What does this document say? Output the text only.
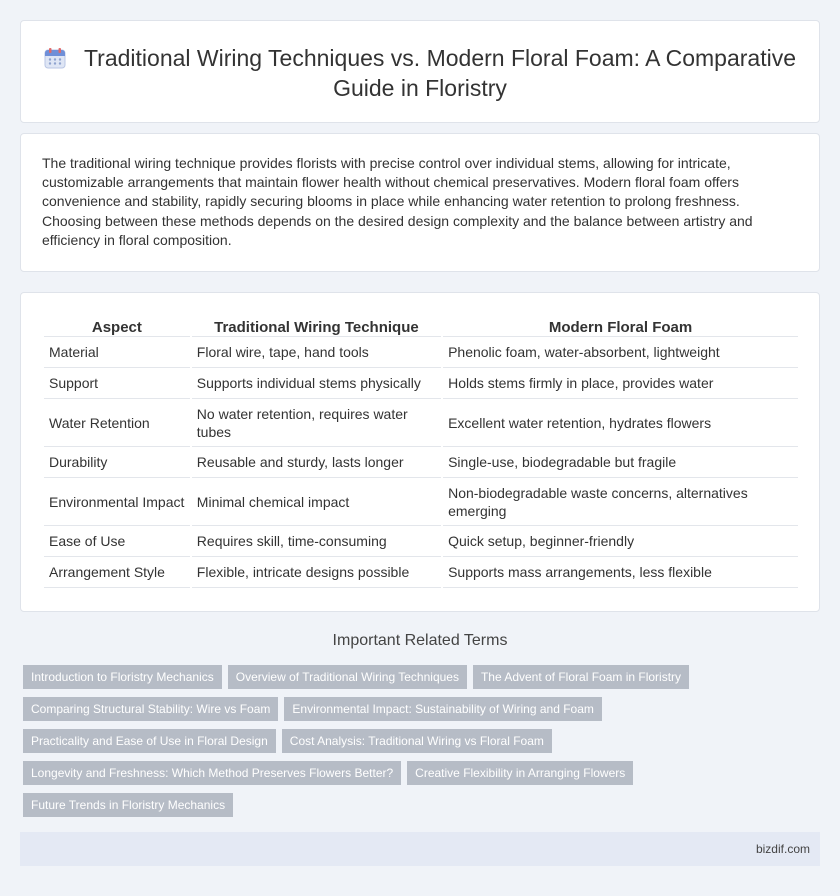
Traditional Wiring Techniques vs. Modern Floral Foam: A Comparative Guide in Floristry

The traditional wiring technique provides florists with precise control over individual stems, allowing for intricate, customizable arrangements that maintain flower health without chemical preservatives. Modern floral foam offers convenience and stability, rapidly securing blooms in place while enhancing water retention to prolong freshness. Choosing between these methods depends on the desired design complexity and the balance between artistry and efficiency in floral composition.

Aspect	Traditional Wiring Technique	Modern Floral Foam
Material	Floral wire, tape, hand tools	Phenolic foam, water-absorbent, lightweight
Support	Supports individual stems physically	Holds stems firmly in place, provides water
Water Retention	No water retention, requires water tubes	Excellent water retention, hydrates flowers
Durability	Reusable and sturdy, lasts longer	Single-use, biodegradable but fragile
Environmental Impact	Minimal chemical impact	Non-biodegradable waste concerns, alternatives emerging
Ease of Use	Requires skill, time-consuming	Quick setup, beginner-friendly
Arrangement Style	Flexible, intricate designs possible	Supports mass arrangements, less flexible
Important Related Terms
Introduction to Floristry Mechanics	Overview of Traditional Wiring Techniques	The Advent of Floral Foam in Floristry
Comparing Structural Stability: Wire vs Foam	Environmental Impact: Sustainability of Wiring and Foam
Practicality and Ease of Use in Floral Design	Cost Analysis: Traditional Wiring vs Floral Foam
Longevity and Freshness: Which Method Preserves Flowers Better?	Creative Flexibility in Arranging Flowers
Future Trends in Floristry Mechanics
bizdif.com
